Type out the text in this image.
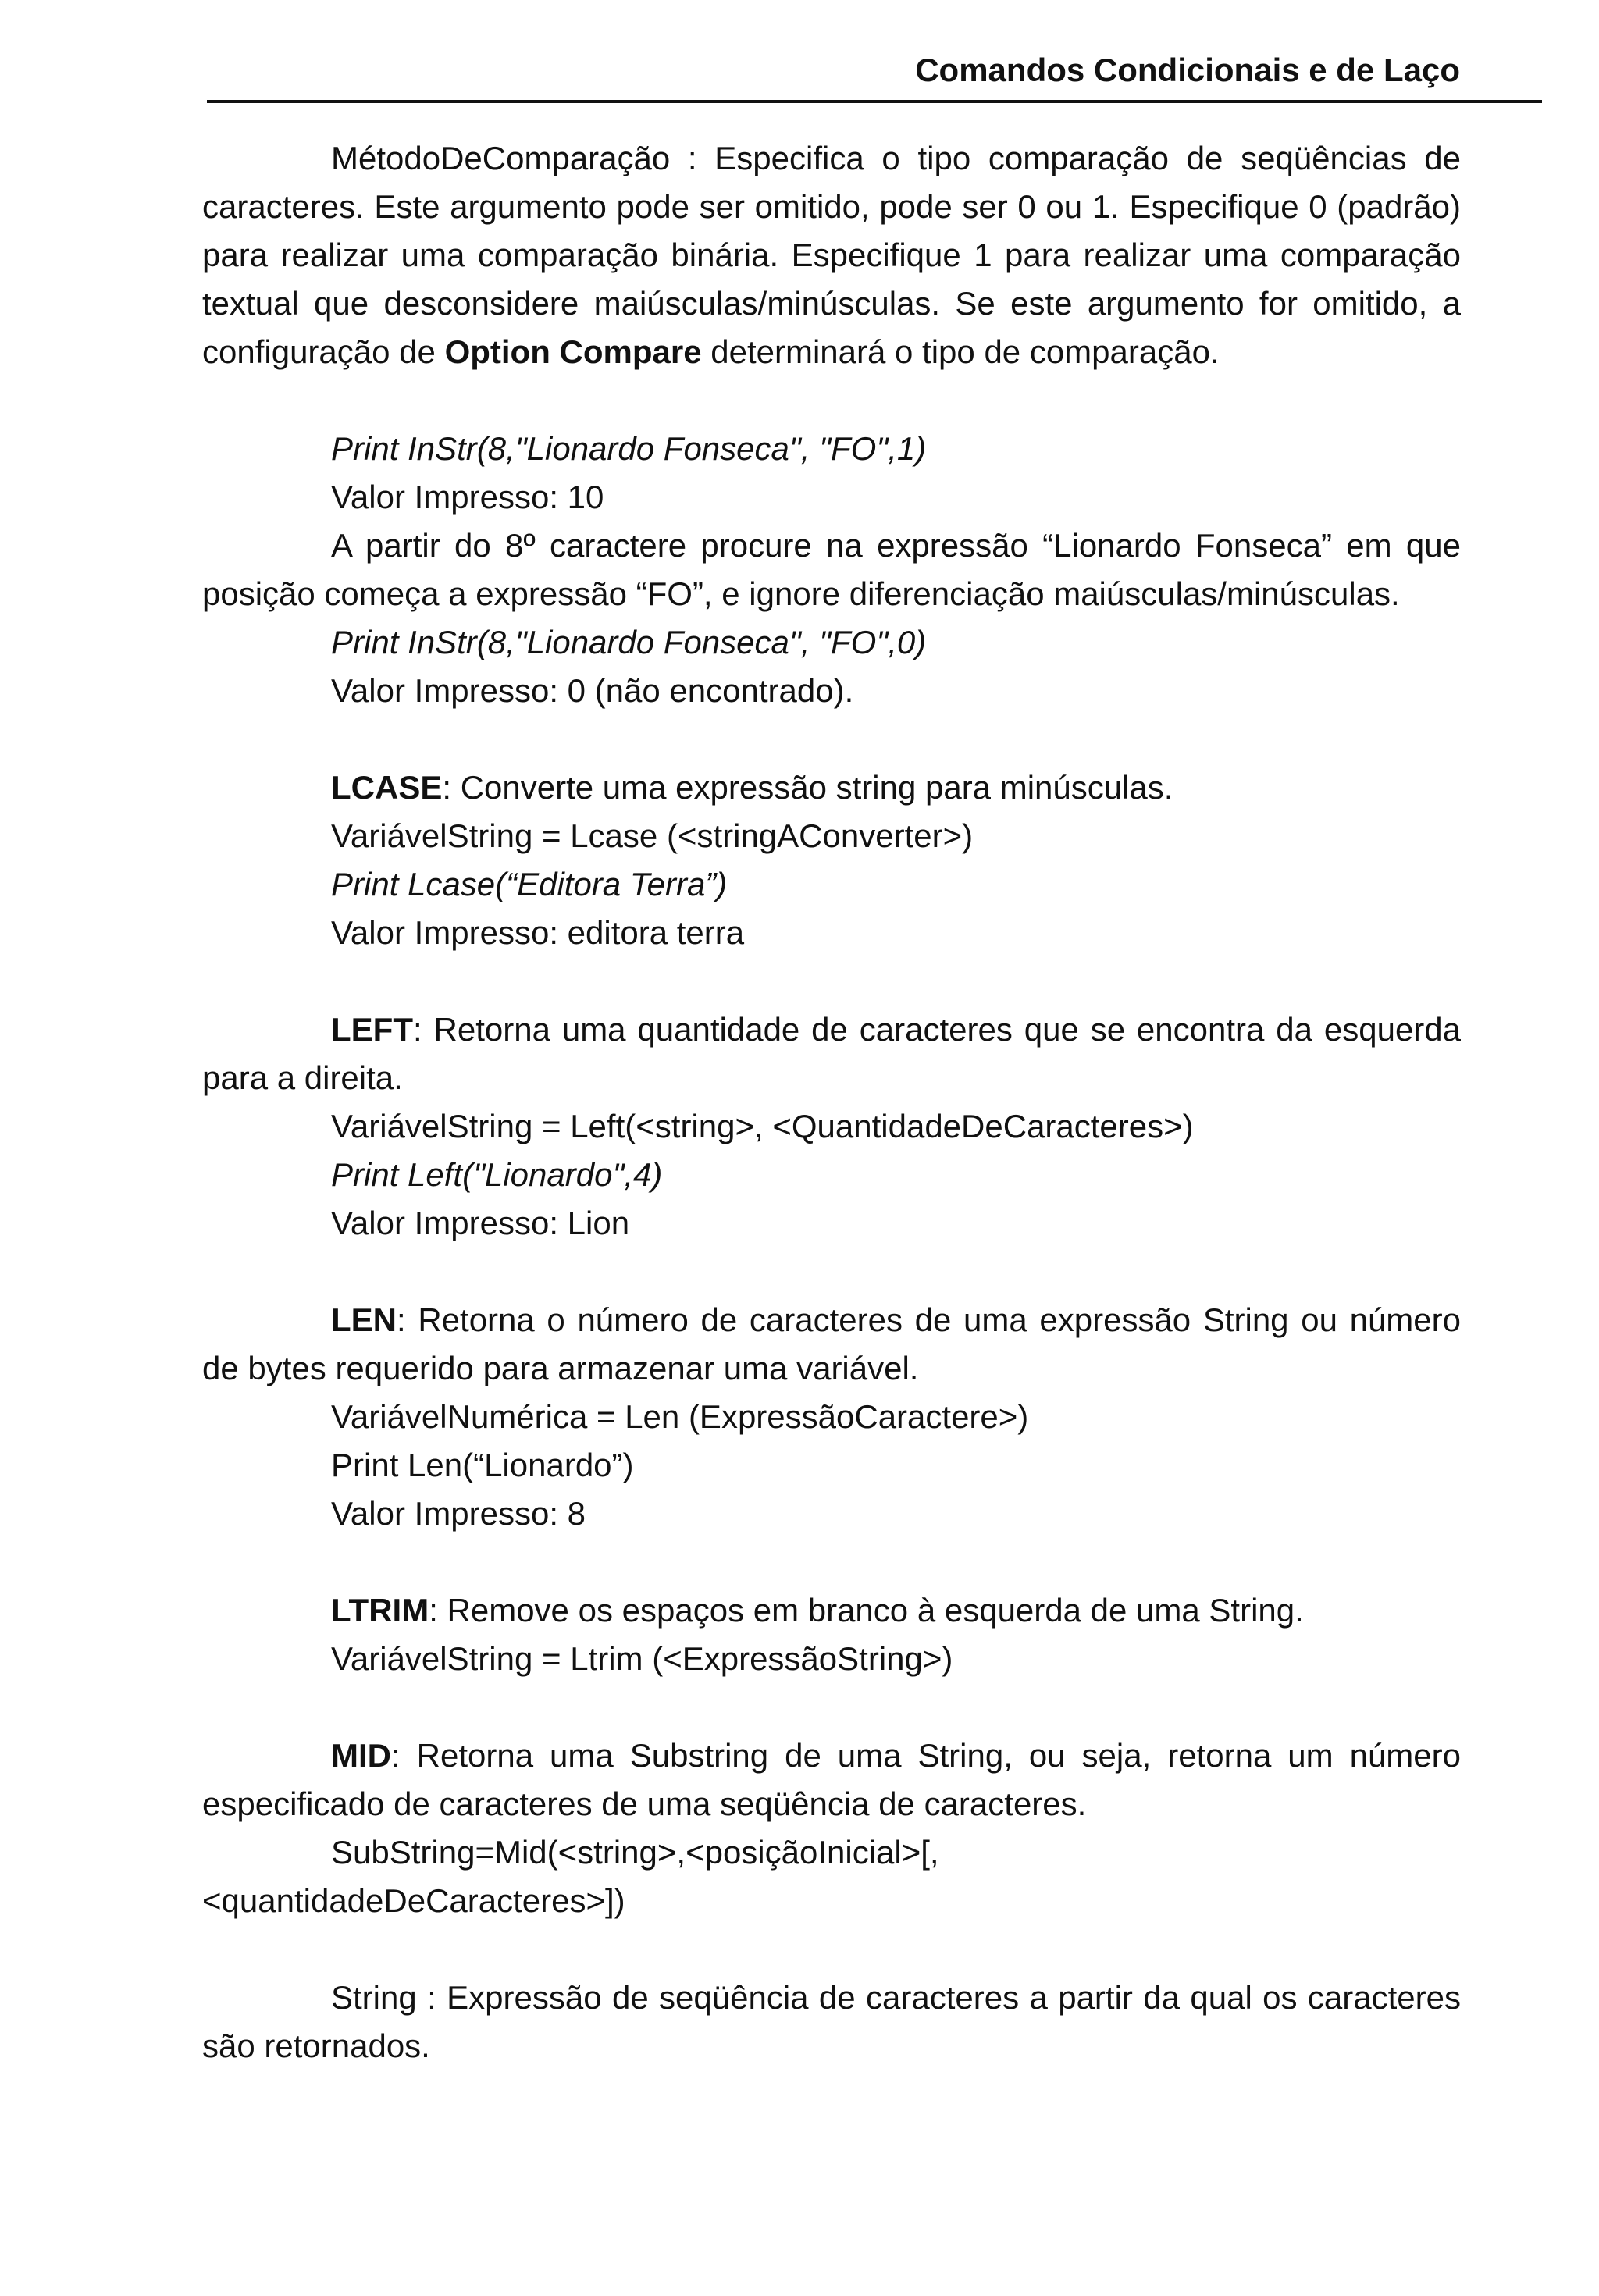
Comandos Condicionais e de Laço

MétodoDeComparação : Especifica o tipo comparação de seqüências de caracteres. Este argumento pode ser omitido, pode ser 0 ou 1. Especifique 0 (padrão) para realizar uma comparação binária. Especifique 1 para realizar uma comparação textual que desconsidere maiúsculas/minúsculas. Se este argumento for omitido, a configuração de Option Compare determinará o tipo de comparação.

Print InStr(8,"Lionardo Fonseca", "FO",1)

Valor Impresso: 10

A partir do 8º caractere procure na expressão “Lionardo Fonseca” em que posição começa a expressão “FO”, e ignore diferenciação maiúsculas/minúsculas.

Print InStr(8,"Lionardo Fonseca", "FO",0)

Valor Impresso: 0 (não encontrado).

LCASE: Converte uma expressão string para minúsculas.

VariávelString = Lcase (<stringAConverter>)

Print Lcase(“Editora Terra”)

Valor Impresso: editora terra

LEFT: Retorna uma quantidade de caracteres que se encontra da esquerda para a direita.

VariávelString = Left(<string>, <QuantidadeDeCaracteres>)

Print Left("Lionardo",4)

Valor Impresso: Lion

LEN: Retorna o número de caracteres de uma expressão String ou número de bytes requerido para armazenar uma variável.

VariávelNumérica = Len (ExpressãoCaractere>)

Print Len(“Lionardo”)

Valor Impresso: 8

LTRIM: Remove os espaços em branco à esquerda de uma String.

VariávelString = Ltrim (<ExpressãoString>)

MID: Retorna uma Substring de uma String, ou seja, retorna um número especificado de caracteres de uma seqüência de caracteres.

SubString=Mid(<string>,<posiçãoInicial>[,

<quantidadeDeCaracteres>])

String : Expressão de seqüência de caracteres a partir da qual os caracteres são retornados.
